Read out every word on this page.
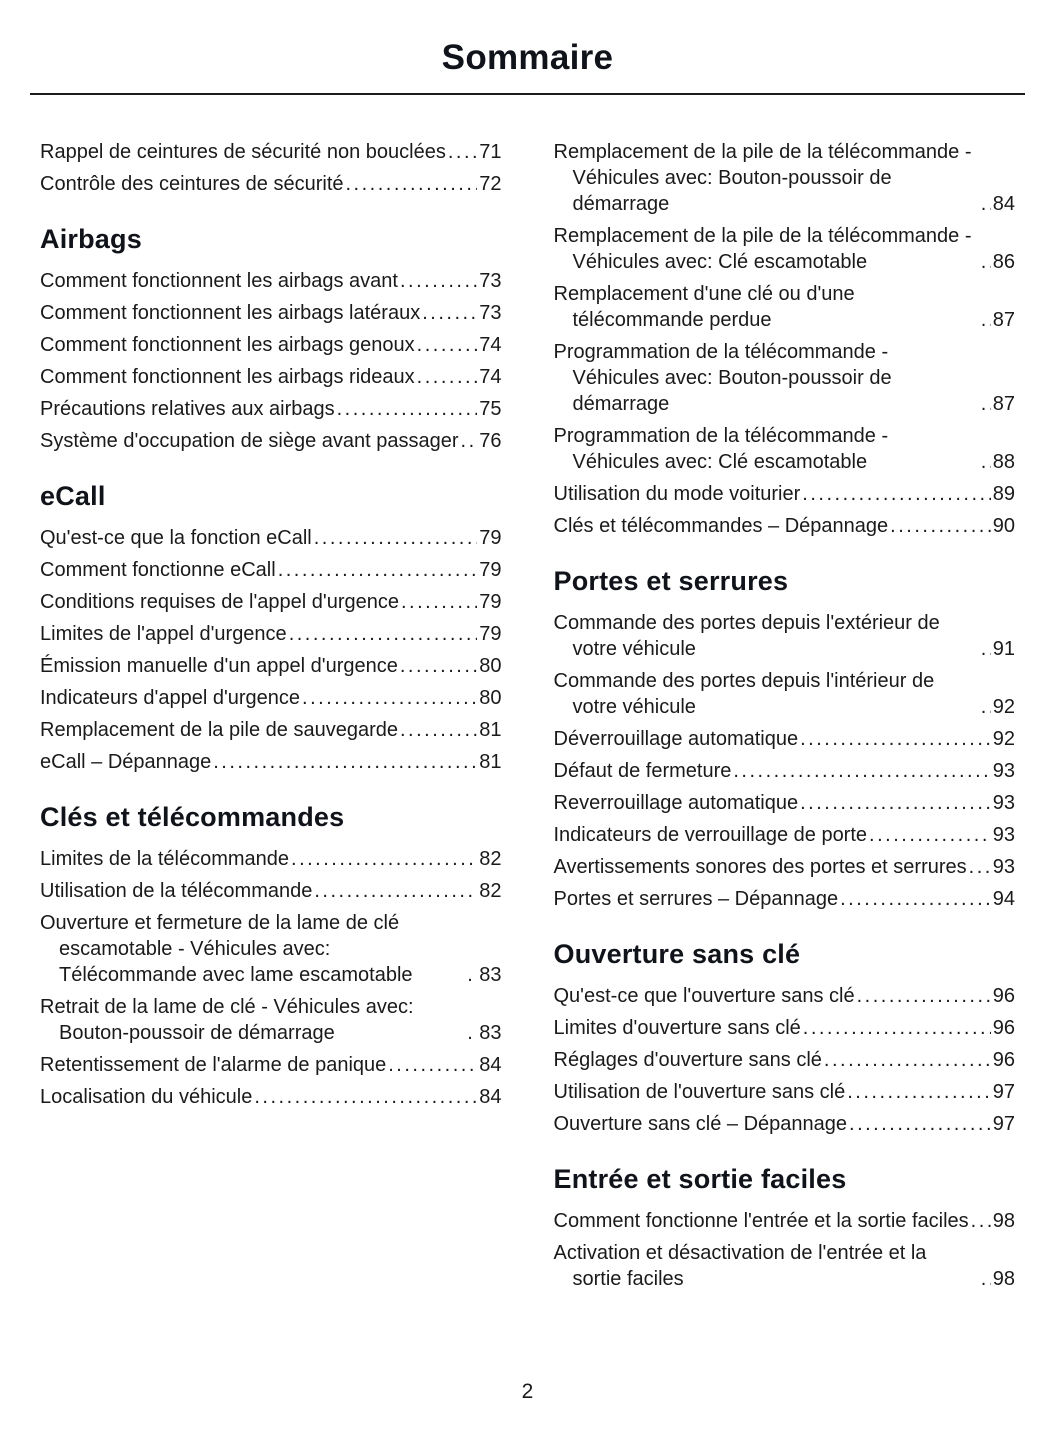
Sommaire
Rappel de ceintures de sécurité non bouclées ..... 71
Contrôle des ceintures de sécurité .....	72
Airbags
Comment fonctionnent les airbags avant .....	73
Comment fonctionnent les airbags latéraux .....	73
Comment fonctionnent les airbags genoux .....	74
Comment fonctionnent les airbags rideaux .....	74
Précautions relatives aux airbags .....	75
Système d'occupation de siège avant passager ..... 76
eCall
Qu'est-ce que la fonction eCall .....	79
Comment fonctionne eCall .....	79
Conditions requises de l'appel d'urgence .....	79
Limites de l'appel d'urgence .....	79
Émission manuelle d'un appel d'urgence .....	80
Indicateurs d'appel d'urgence .....	80
Remplacement de la pile de sauvegarde .....	81
eCall – Dépannage .....	81
Clés et télécommandes
Limites de la télécommande .....	82
Utilisation de la télécommande .....	82
Ouverture et fermeture de la lame de clé escamotable - Véhicules avec: Télécommande avec lame escamotable .....	83
Retrait de la lame de clé - Véhicules avec: Bouton-poussoir de démarrage .....	83
Retentissement de l'alarme de panique .....	84
Localisation du véhicule .....	84
Remplacement de la pile de la télécommande - Véhicules avec: Bouton-poussoir de démarrage .....	84
Remplacement de la pile de la télécommande - Véhicules avec: Clé escamotable .....	86
Remplacement d'une clé ou d'une télécommande perdue .....	87
Programmation de la télécommande - Véhicules avec: Bouton-poussoir de démarrage .....	87
Programmation de la télécommande - Véhicules avec: Clé escamotable .....	88
Utilisation du mode voiturier .....	89
Clés et télécommandes – Dépannage .....	90
Portes et serrures
Commande des portes depuis l'extérieur de votre véhicule .....	91
Commande des portes depuis l'intérieur de votre véhicule .....	92
Déverrouillage automatique .....	92
Défaut de fermeture .....	93
Reverrouillage automatique .....	93
Indicateurs de verrouillage de porte .....	93
Avertissements sonores des portes et serrures ..... 93
Portes et serrures – Dépannage .....	94
Ouverture sans clé
Qu'est-ce que l'ouverture sans clé .....	96
Limites d'ouverture sans clé .....	96
Réglages d'ouverture sans clé .....	96
Utilisation de l'ouverture sans clé .....	97
Ouverture sans clé – Dépannage .....	97
Entrée et sortie faciles
Comment fonctionne l'entrée et la sortie faciles ..... 98
Activation et désactivation de l'entrée et la sortie faciles .....	98
2
